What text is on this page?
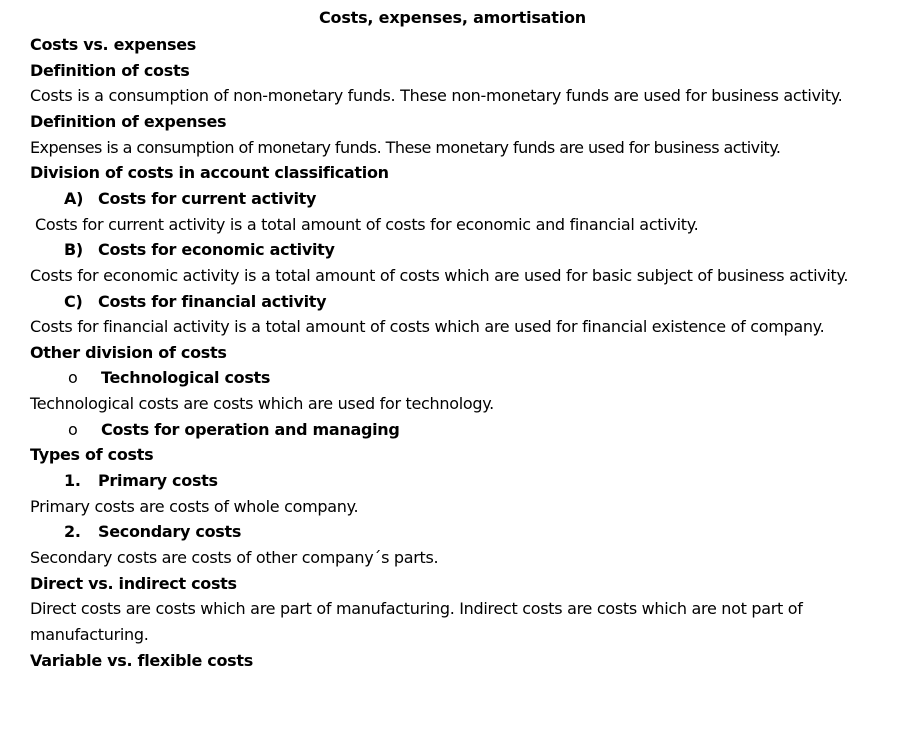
Costs, expenses, amortisation
Costs vs. expenses
Definition of costs
Costs is a consumption of non-monetary funds. These non-monetary funds are used for business activity.
Definition of expenses
Expenses is a consumption of monetary funds. These monetary funds are used for business activity.
Division of costs in account classification
A) Costs for current activity
Costs for current activity is a total amount of costs for economic and financial activity.
B) Costs for economic activity
Costs for economic activity is a total amount of costs which are used for basic subject of business activity.
C) Costs for financial activity
Costs for financial activity is a total amount of costs which are used for financial existence of company.
Other division of costs
o Technological costs
Technological costs are costs which are used for technology.
o Costs for operation and managing
Types of costs
1. Primary costs
Primary costs are costs of whole company.
2. Secondary costs
Secondary costs are costs of other company´s parts.
Direct vs. indirect costs
Direct costs are costs which are part of manufacturing. Indirect costs are costs which are not part of manufacturing.
Variable vs. flexible costs
